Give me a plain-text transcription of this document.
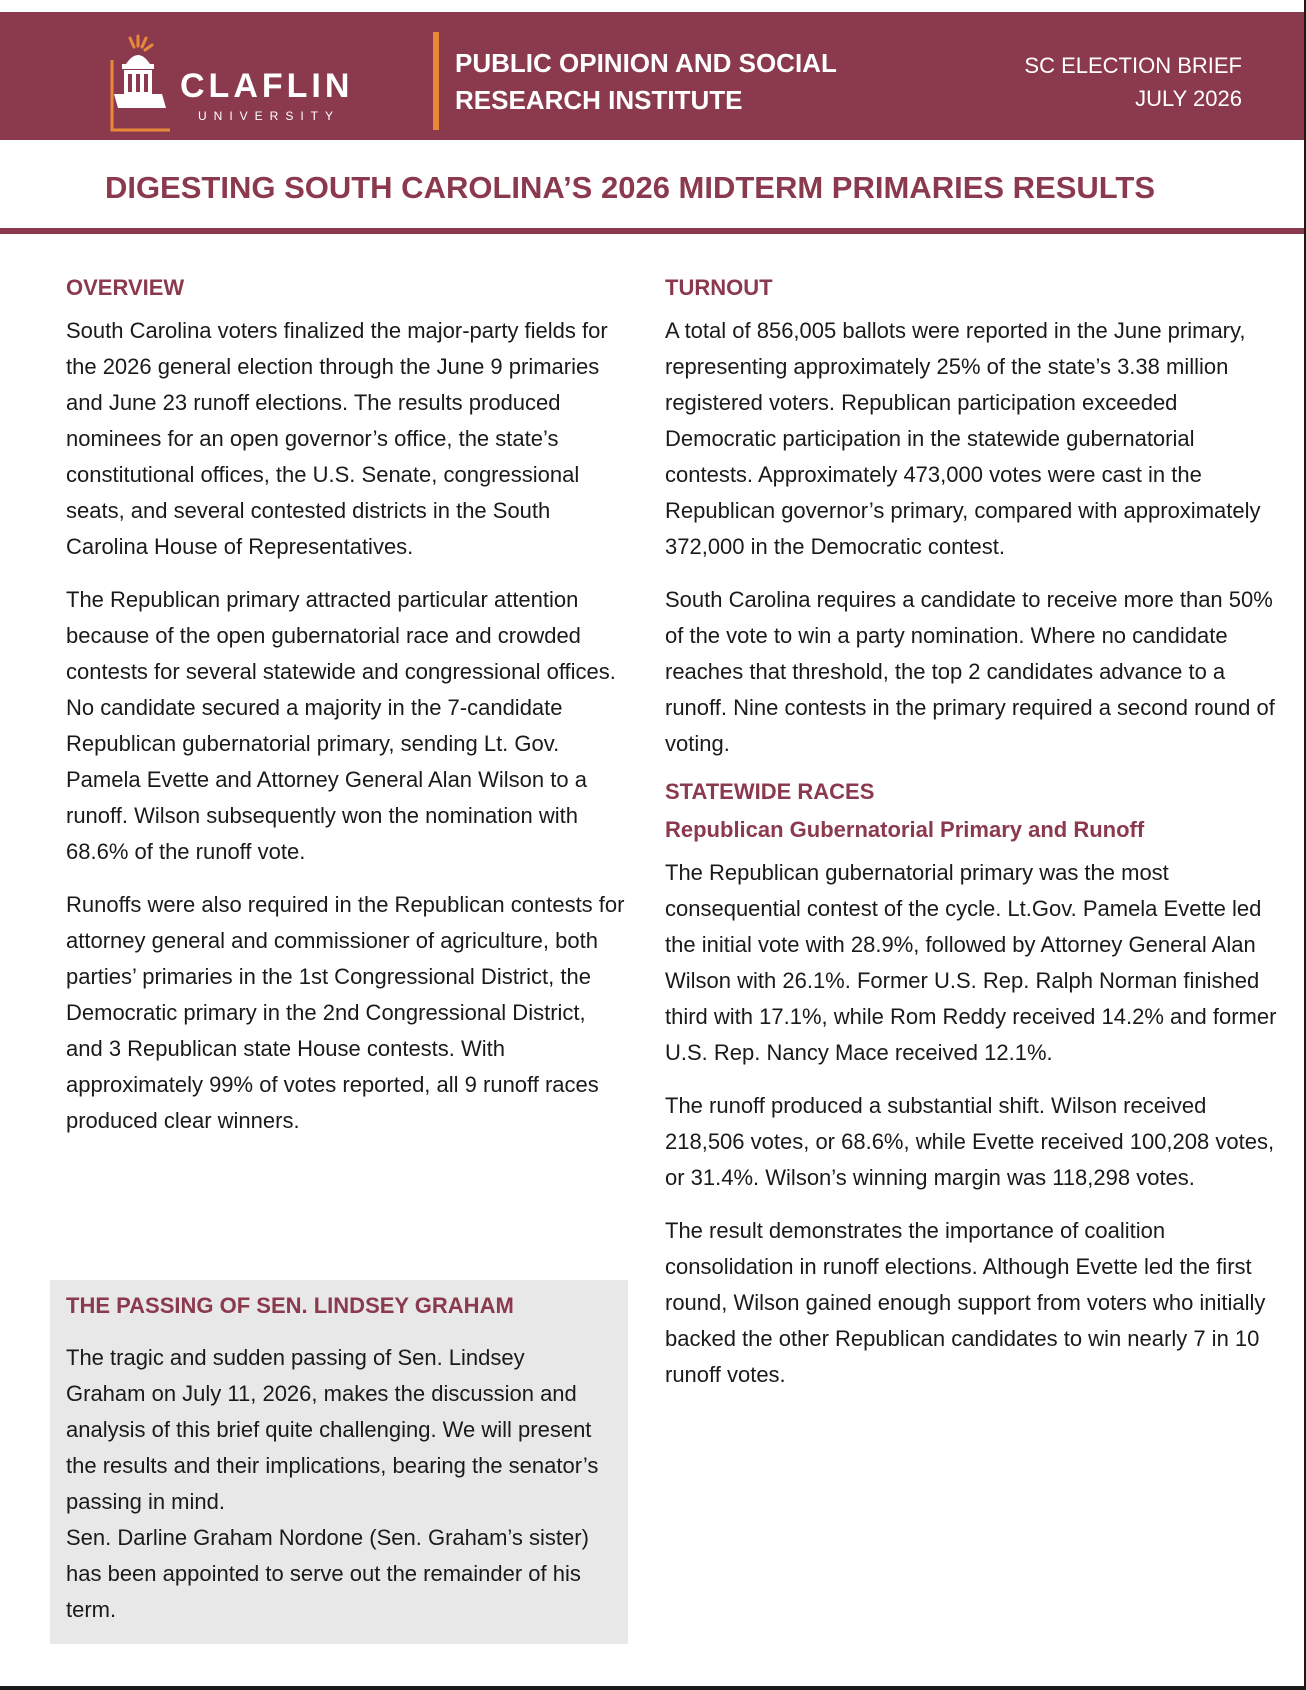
CLAFLIN
UNIVERSITY
PUBLIC OPINION AND SOCIAL
RESEARCH INSTITUTE
SC ELECTION BRIEF
JULY 2026
DIGESTING SOUTH CAROLINA’S 2026 MIDTERM PRIMARIES RESULTS
OVERVIEW

South Carolina voters finalized the major-party fields for the 2026 general election through the June 9 primaries and June 23 runoff elections. The results produced nominees for an open governor’s office, the state’s constitutional offices, the U.S. Senate, congressional seats, and several contested districts in the South Carolina House of Representatives.

The Republican primary attracted particular attention because of the open gubernatorial race and crowded contests for several statewide and congressional offices. No candidate secured a majority in the 7-candidate Republican gubernatorial primary, sending Lt. Gov. Pamela Evette and Attorney General Alan Wilson to a runoff. Wilson subsequently won the nomination with 68.6% of the runoff vote.

Runoffs were also required in the Republican contests for attorney general and commissioner of agriculture, both parties’ primaries in the 1st Congressional District, the Democratic primary in the 2nd Congressional District, and 3 Republican state House contests. With approximately 99% of votes reported, all 9 runoff races produced clear winners.

THE PASSING OF SEN. LINDSEY GRAHAM

The tragic and sudden passing of Sen. Lindsey Graham on July 11, 2026, makes the discussion and analysis of this brief quite challenging. We will present the results and their implications, bearing the senator’s passing in mind.

Sen. Darline Graham Nordone (Sen. Graham’s sister) has been appointed to serve out the remainder of his term.

TURNOUT

A total of 856,005 ballots were reported in the June primary, representing approximately 25% of the state’s 3.38 million registered voters. Republican participation exceeded Democratic participation in the statewide gubernatorial contests. Approximately 473,000 votes were cast in the Republican governor’s primary, compared with approximately 372,000 in the Democratic contest.

South Carolina requires a candidate to receive more than 50% of the vote to win a party nomination. Where no candidate reaches that threshold, the top 2 candidates advance to a runoff. Nine contests in the primary required a second round of voting.

STATEWIDE RACES
Republican Gubernatorial Primary and Runoff

The Republican gubernatorial primary was the most consequential contest of the cycle. Lt.Gov. Pamela Evette led the initial vote with 28.9%, followed by Attorney General Alan Wilson with 26.1%. Former U.S. Rep. Ralph Norman finished third with 17.1%, while Rom Reddy received 14.2% and former U.S. Rep. Nancy Mace received 12.1%.

The runoff produced a substantial shift. Wilson received 218,506 votes, or 68.6%, while Evette received 100,208 votes, or 31.4%. Wilson’s winning margin was 118,298 votes.

The result demonstrates the importance of coalition consolidation in runoff elections. Although Evette led the first round, Wilson gained enough support from voters who initially backed the other Republican candidates to win nearly 7 in 10 runoff votes.
